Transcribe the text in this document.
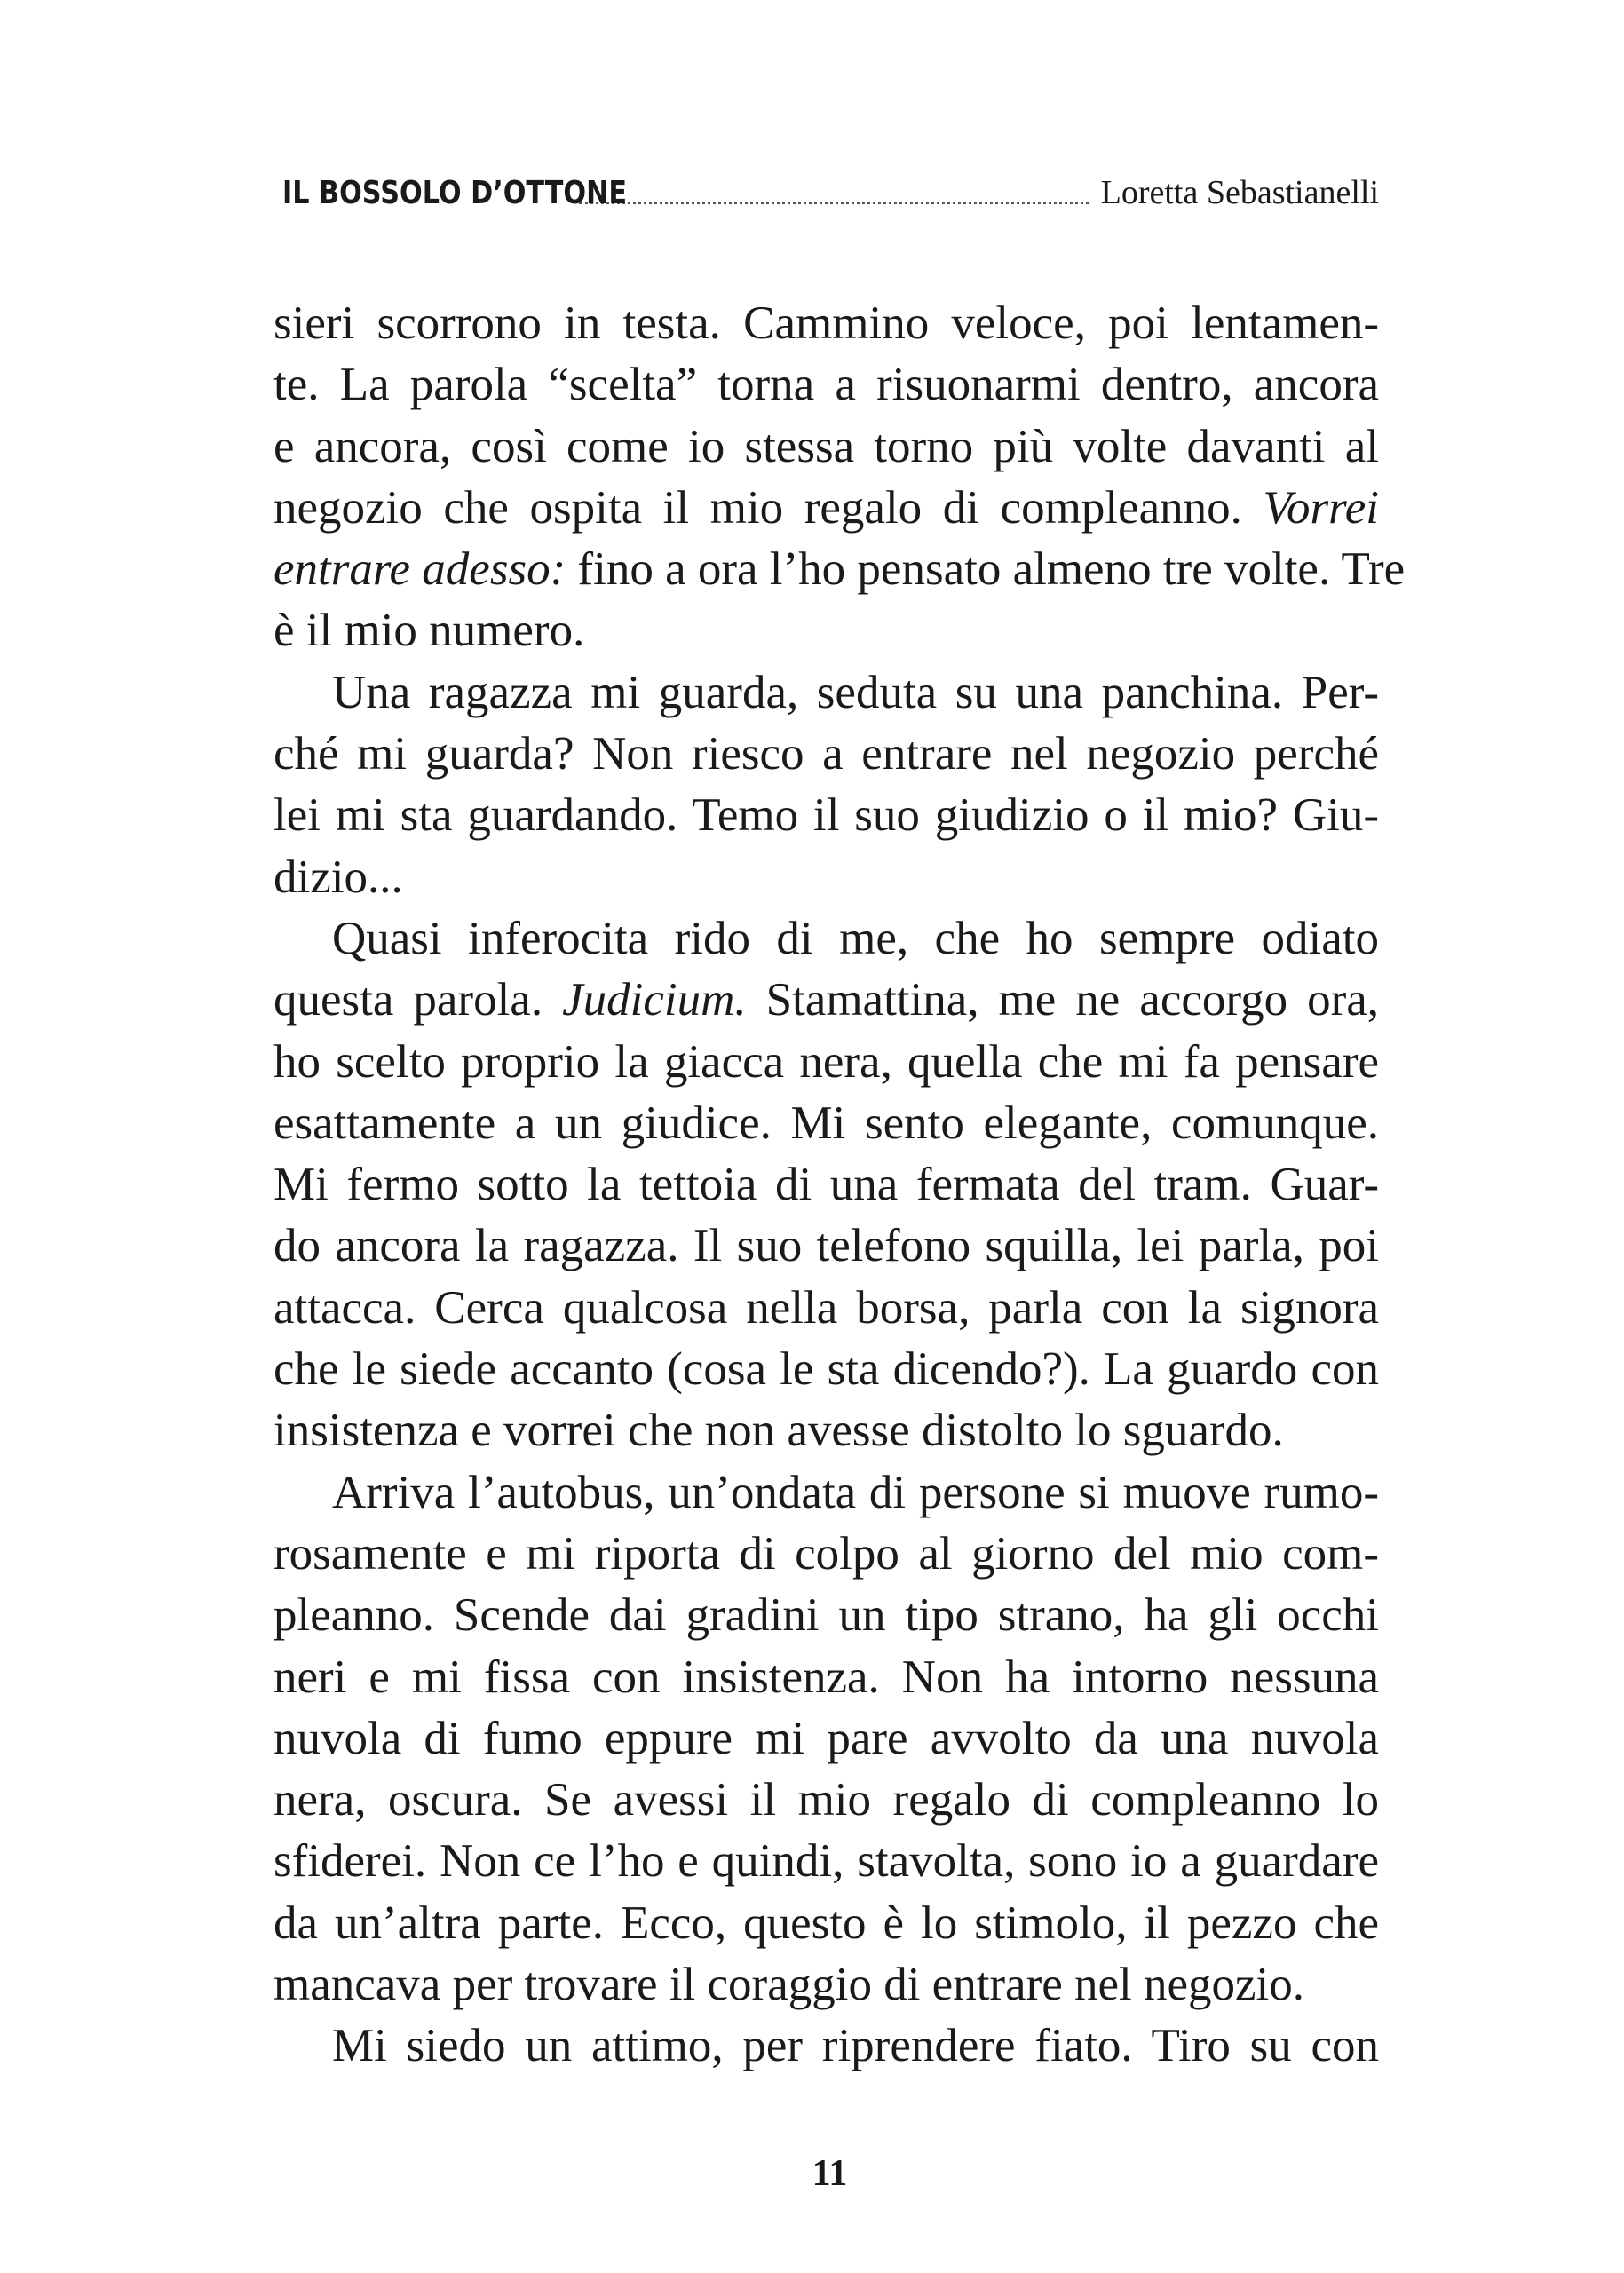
IL BOSSOLO D’OTTONE	Loretta Sebastianelli
sieri scorrono in testa. Cammino veloce, poi lentamen-
te. La parola “scelta” torna a risuonarmi dentro, ancora
e ancora, così come io stessa torno più volte davanti al
negozio che ospita il mio regalo di compleanno. Vorrei
entrare adesso: fino a ora l’ho pensato almeno tre volte. Tre
è il mio numero.
Una ragazza mi guarda, seduta su una panchina. Per-
ché mi guarda? Non riesco a entrare nel negozio perché
lei mi sta guardando. Temo il suo giudizio o il mio? Giu-
dizio...
Quasi inferocita rido di me, che ho sempre odiato
questa parola. Judicium. Stamattina, me ne accorgo ora,
ho scelto proprio la giacca nera, quella che mi fa pensare
esattamente a un giudice. Mi sento elegante, comunque.
Mi fermo sotto la tettoia di una fermata del tram. Guar-
do ancora la ragazza. Il suo telefono squilla, lei parla, poi
attacca. Cerca qualcosa nella borsa, parla con la signora
che le siede accanto (cosa le sta dicendo?). La guardo con
insistenza e vorrei che non avesse distolto lo sguardo.
Arriva l’autobus, un’ondata di persone si muove rumo-
rosamente e mi riporta di colpo al giorno del mio com-
pleanno. Scende dai gradini un tipo strano, ha gli occhi
neri e mi fissa con insistenza. Non ha intorno nessuna
nuvola di fumo eppure mi pare avvolto da una nuvola
nera, oscura. Se avessi il mio regalo di compleanno lo
sfiderei. Non ce l’ho e quindi, stavolta, sono io a guardare
da un’altra parte. Ecco, questo è lo stimolo, il pezzo che
mancava per trovare il coraggio di entrare nel negozio.
Mi siedo un attimo, per riprendere fiato. Tiro su con
11
